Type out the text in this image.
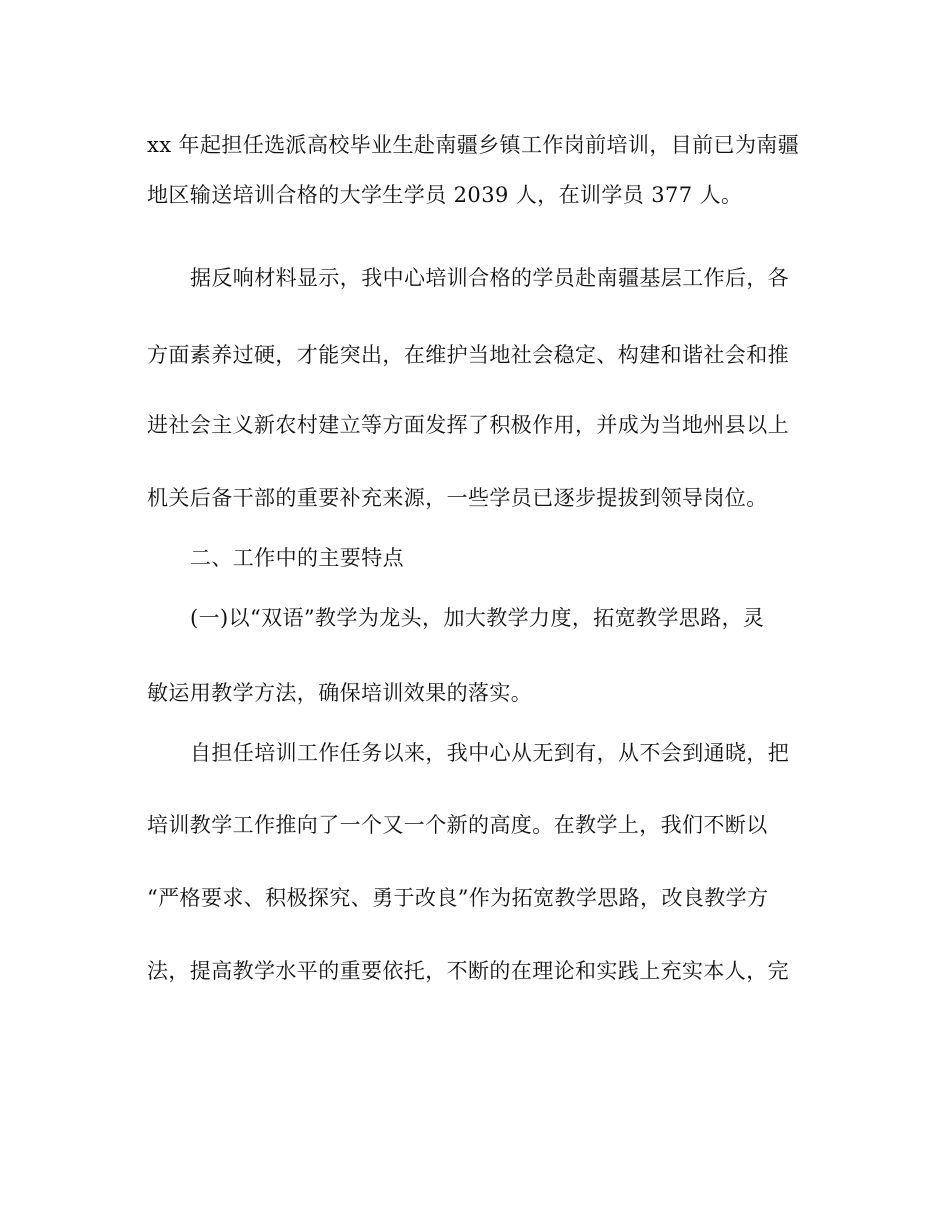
xx 年起担任选派高校毕业生赴南疆乡镇工作岗前培训，目前已为南疆
地区输送培训合格的大学生学员 2039 人，在训学员 377 人。
据反响材料显示，我中心培训合格的学员赴南疆基层工作后，各
方面素养过硬，才能突出，在维护当地社会稳定、构建和谐社会和推
进社会主义新农村建立等方面发挥了积极作用，并成为当地州县以上
机关后备干部的重要补充来源，一些学员已逐步提拔到领导岗位。
二、工作中的主要特点
(一)以“双语”教学为龙头，加大教学力度，拓宽教学思路，灵
敏运用教学方法，确保培训效果的落实。
自担任培训工作任务以来，我中心从无到有，从不会到通晓，把
培训教学工作推向了一个又一个新的高度。在教学上，我们不断以
“严格要求、积极探究、勇于改良”作为拓宽教学思路，改良教学方
法，提高教学水平的重要依托，不断的在理论和实践上充实本人，完
